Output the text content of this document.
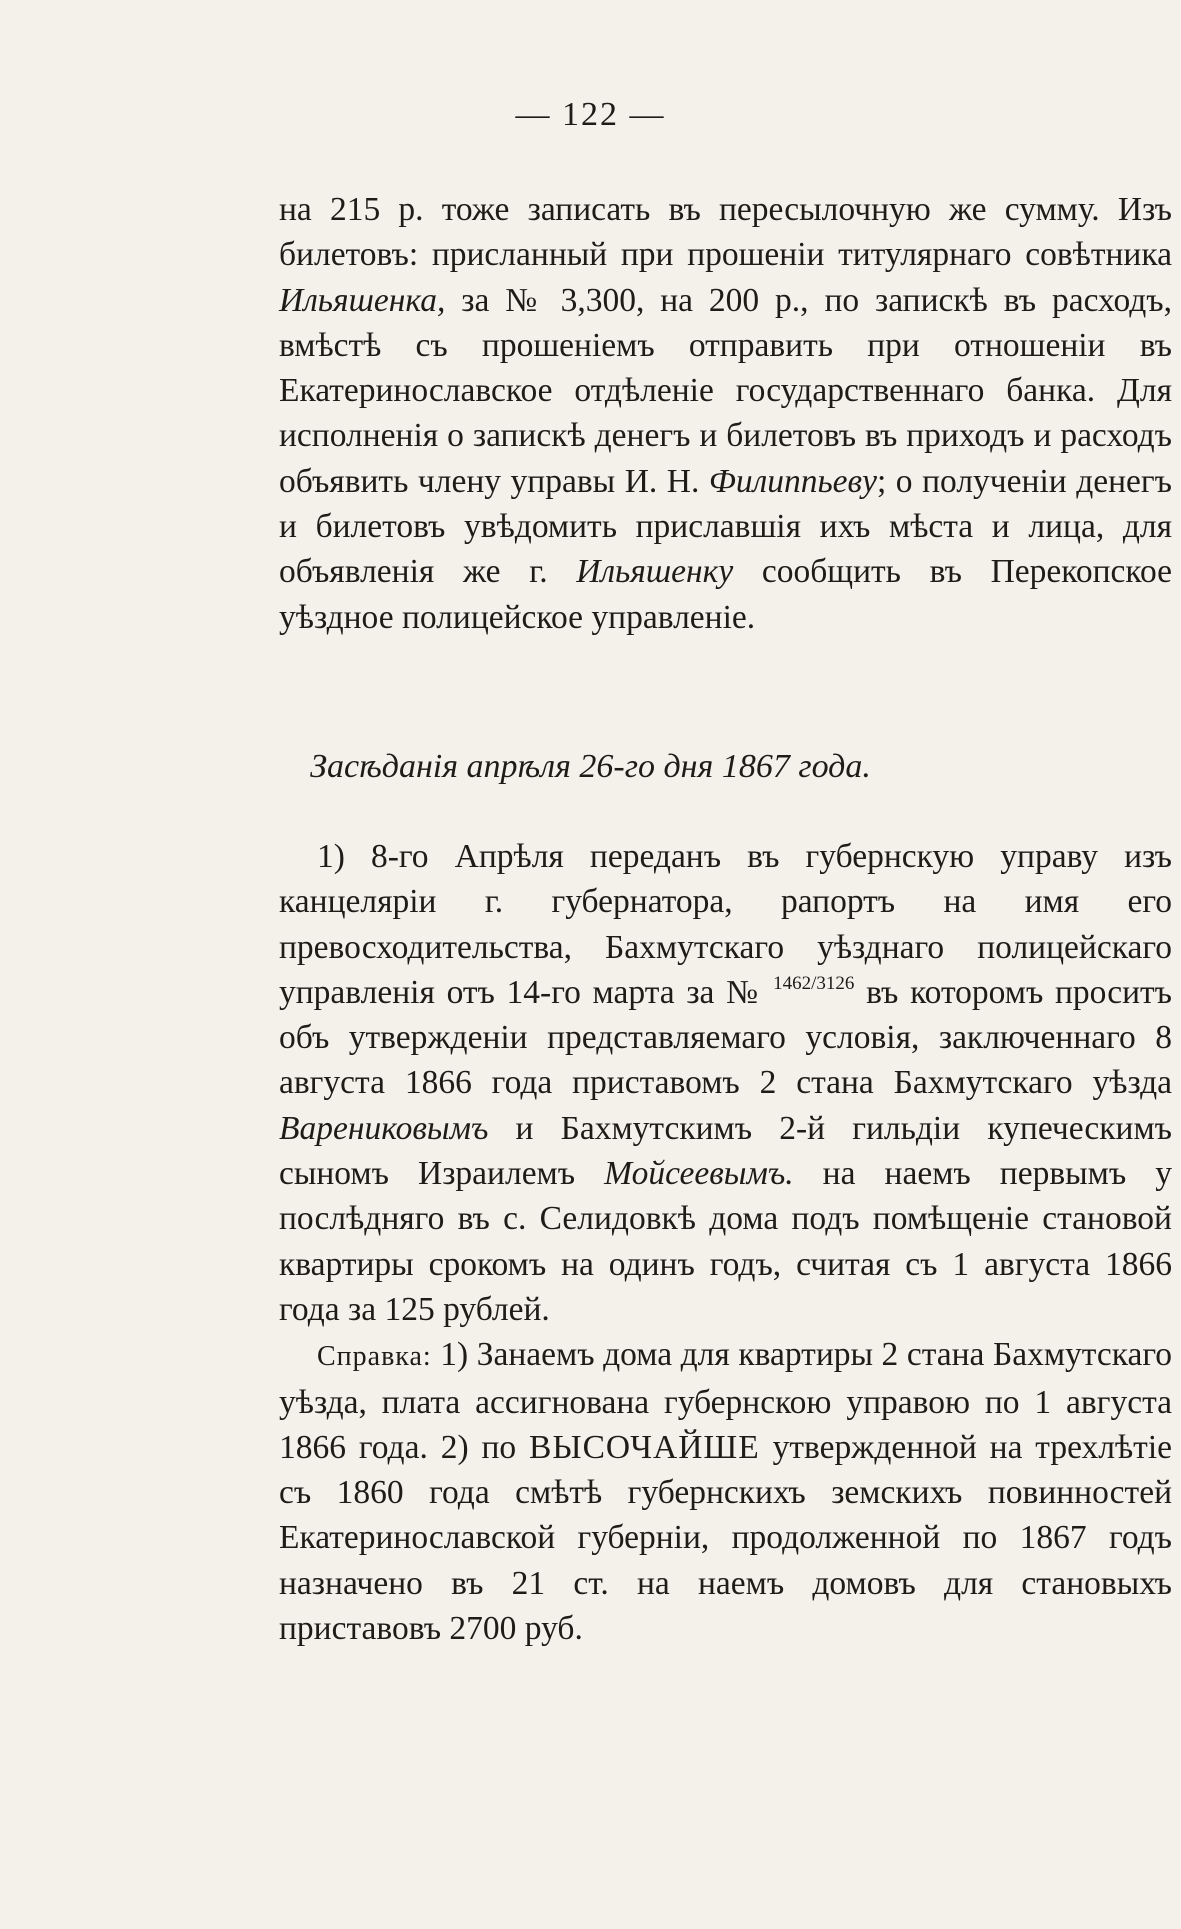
— 122 —

на 215 р. тоже записать въ пересылочную же сумму. Изъ билетовъ: присланный при прошеніи титулярнаго совѣтника Ильяшенка, за № 3,300, на 200 р., по запискѣ въ расходъ, вмѣстѣ съ прошеніемъ отправить при отношеніи въ Екатеринославское отдѣленіе государственнаго банка. Для исполненія о запискѣ денегъ и билетовъ въ приходъ и расходъ объявить члену управы И. Н. Филиппьеву; о полученіи денегъ и билетовъ увѣдомить приславшія ихъ мѣста и лица, для объявленія же г. Ильяшенку сообщить въ Перекопское уѣздное полицейское управленіе.

Засѣданія апрѣля 26-го дня 1867 года.

1) 8-го Апрѣля переданъ въ губернскую управу изъ канцеляріи г. губернатора, рапортъ на имя его превосходительства, Бахмутскаго уѣзднаго полицейскаго управленія отъ 14-го марта за № $^{1462/3126}$ въ которомъ проситъ объ утвержденіи представляемаго условія, заключеннаго 8 августа 1866 года приставомъ 2 стана Бахмутскаго уѣзда Варениковымъ и Бахмутскимъ 2-й гильдіи купеческимъ сыномъ Израилемъ Мойсеевымъ. на наемъ первымъ у послѣдняго въ с. Селидовкѣ дома подъ помѣщеніе становой квартиры срокомъ на одинъ годъ, считая съ 1 августа 1866 года за 125 рублей.

Справка: 1) Занаемъ дома для квартиры 2 стана Бахмутскаго уѣзда, плата ассигнована губернскою управою по 1 августа 1866 года. 2) по ВЫСОЧАЙШЕ утвержденной на трехлѣтіе съ 1860 года смѣтѣ губернскихъ земскихъ повинностей Екатеринославской губерніи, продолженной по 1867 годъ назначено въ 21 ст. на наемъ домовъ для становыхъ приставовъ 2700 руб.
